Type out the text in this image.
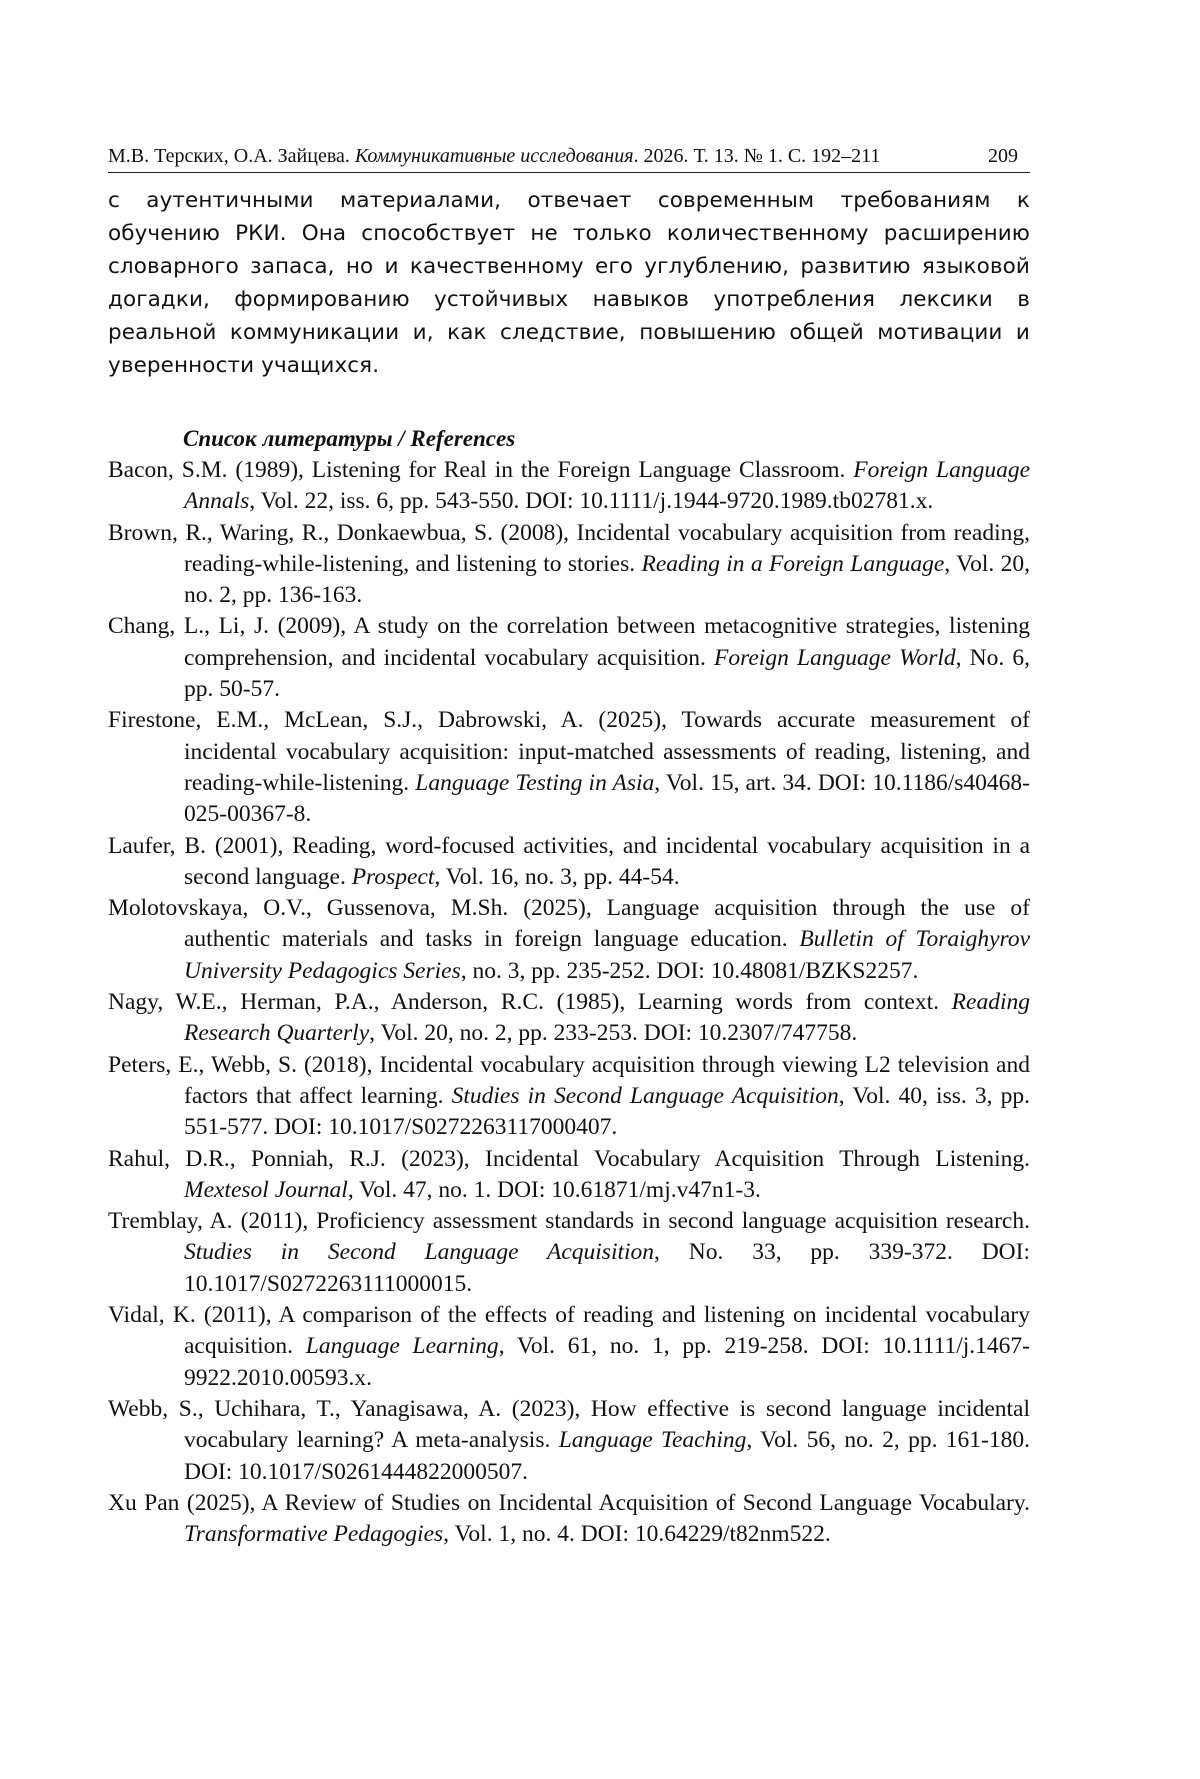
М.В. Терских, О.А. Зайцева. Коммуникативные исследования. 2026. Т. 13. № 1. С. 192–211	209

с аутентичными материалами, отвечает современным требованиям к обучению РКИ. Она способствует не только количественному расширению словарного запаса, но и качественному его углублению, развитию языковой догадки, формированию устойчивых навыков употребления лексики в реальной коммуникации и, как следствие, повышению общей мотивации и уверенности учащихся.

Список литературы / References

Bacon, S.M. (1989), Listening for Real in the Foreign Language Classroom. Foreign Language Annals, Vol. 22, iss. 6, pp. 543-550. DOI: 10.1111/j.1944-9720.1989.tb02781.x.
Brown, R., Waring, R., Donkaewbua, S. (2008), Incidental vocabulary acquisition from reading, reading-while-listening, and listening to stories. Reading in a Foreign Language, Vol. 20, no. 2, pp. 136-163.
Chang, L., Li, J. (2009), A study on the correlation between metacognitive strategies, listening comprehension, and incidental vocabulary acquisition. Foreign Language World, No. 6, pp. 50-57.
Firestone, E.M., McLean, S.J., Dabrowski, A. (2025), Towards accurate measurement of incidental vocabulary acquisition: input-matched assessments of reading, listening, and reading-while-listening. Language Testing in Asia, Vol. 15, art. 34. DOI: 10.1186/s40468-025-00367-8.
Laufer, B. (2001), Reading, word-focused activities, and incidental vocabulary acquisition in a second language. Prospect, Vol. 16, no. 3, pp. 44-54.
Molotovskaya, O.V., Gussenova, M.Sh. (2025), Language acquisition through the use of authentic materials and tasks in foreign language education. Bulletin of Toraighyrov University Pedagogics Series, no. 3, pp. 235-252. DOI: 10.48081/BZKS2257.
Nagy, W.E., Herman, P.A., Anderson, R.C. (1985), Learning words from context. Reading Research Quarterly, Vol. 20, no. 2, pp. 233-253. DOI: 10.2307/747758.
Peters, E., Webb, S. (2018), Incidental vocabulary acquisition through viewing L2 television and factors that affect learning. Studies in Second Language Acquisition, Vol. 40, iss. 3, pp. 551-577. DOI: 10.1017/S0272263117000407.
Rahul, D.R., Ponniah, R.J. (2023), Incidental Vocabulary Acquisition Through Listening. Mextesol Journal, Vol. 47, no. 1. DOI: 10.61871/mj.v47n1-3.
Tremblay, A. (2011), Proficiency assessment standards in second language acquisition research. Studies in Second Language Acquisition, No. 33, pp. 339-372. DOI: 10.1017/S0272263111000015.
Vidal, K. (2011), A comparison of the effects of reading and listening on incidental vocabulary acquisition. Language Learning, Vol. 61, no. 1, pp. 219-258. DOI: 10.1111/j.1467-9922.2010.00593.x.
Webb, S., Uchihara, T., Yanagisawa, A. (2023), How effective is second language incidental vocabulary learning? A meta-analysis. Language Teaching, Vol. 56, no. 2, pp. 161-180. DOI: 10.1017/S0261444822000507.
Xu Pan (2025), A Review of Studies on Incidental Acquisition of Second Language Vocabulary. Transformative Pedagogies, Vol. 1, no. 4. DOI: 10.64229/t82nm522.
